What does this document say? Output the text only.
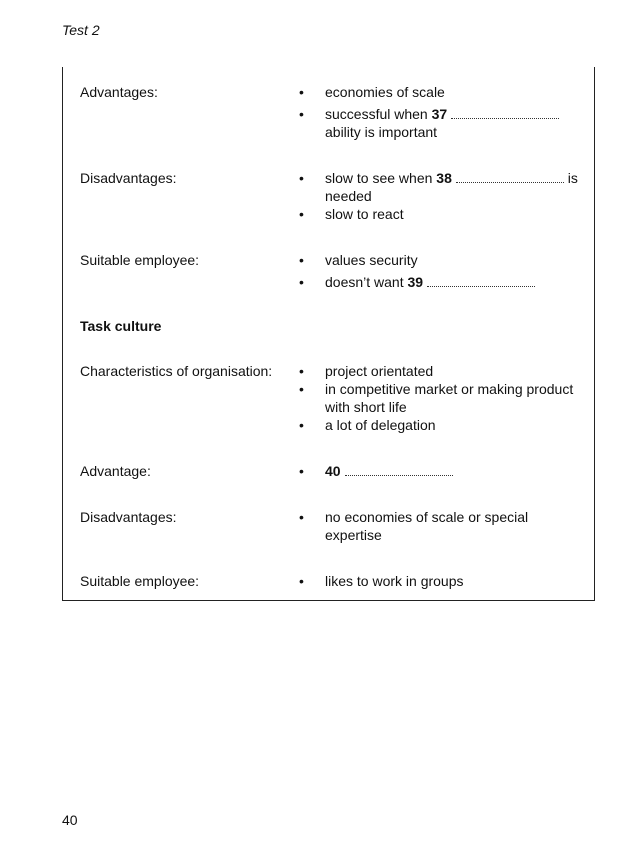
Test 2
Advantages:	• economies of scale
• successful when 37
ability is important
Disadvantages:	• slow to see when 38	is
needed
• slow to react
Suitable employee:	• values security
• doesn’t want 39
Task culture
Characteristics of organisation: • project orientated
• in competitive market or making product
with short life
• a lot of delegation
Advantage:	• 40
Disadvantages:	• no economies of scale or special
expertise
Suitable employee:	• likes to work in groups
40
